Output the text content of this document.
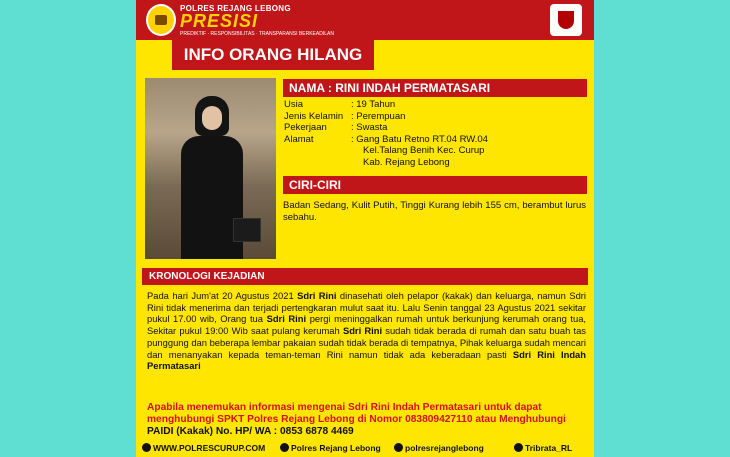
POLRES REJANG LEBONG
PRESISI
PREDIKTIF · RESPONSIBILITAS · TRANSPARANSI BERKEADILAN
INFO ORANG HILANG
NAMA : RINI INDAH PERMATASARI
Usia	: 19 Tahun
Jenis Kelamin : Perempuan
Pekerjaan	: Swasta
Alamat	: Gang Batu Retno RT.04 RW.04
Kel.Talang Benih Kec. Curup
Kab. Rejang Lebong
CIRI-CIRI
Badan Sedang, Kulit Putih, Tinggi Kurang lebih 155 cm, berambut lurus sebahu.
KRONOLOGI KEJADIAN
Pada hari Jum'at 20 Agustus 2021 Sdri Rini dinasehati oleh pelapor (kakak) dan keluarga, namun Sdri Rini tidak menerima dan terjadi pertengkaran mulut saat itu. Lalu Senin tanggal 23 Agustus 2021 sekitar pukul 17.00 wib, Orang tua Sdri Rini pergi meninggalkan rumah untuk berkunjung kerumah orang tua, Sekitar pukul 19:00 Wib saat pulang kerumah Sdri Rini sudah tidak berada di rumah dan satu buah tas punggung dan beberapa lembar pakaian sudah tidak berada di tempatnya, Pihak keluarga sudah mencari dan menanyakan kepada teman-teman Rini namun tidak ada keberadaan pasti Sdri Rini Indah Permatasari
Apabila menemukan informasi mengenai Sdri Rini Indah Permatasari untuk dapat menghubungi SPKT Polres Rejang Lebong di Nomor 083809427110 atau Menghubungi PAIDI (Kakak) No. HP/ WA : 0853 6878 4469
WWW.POLRESCURUP.COM	Polres Rejang Lebong	polresrejanglebong	Tribrata_RL
